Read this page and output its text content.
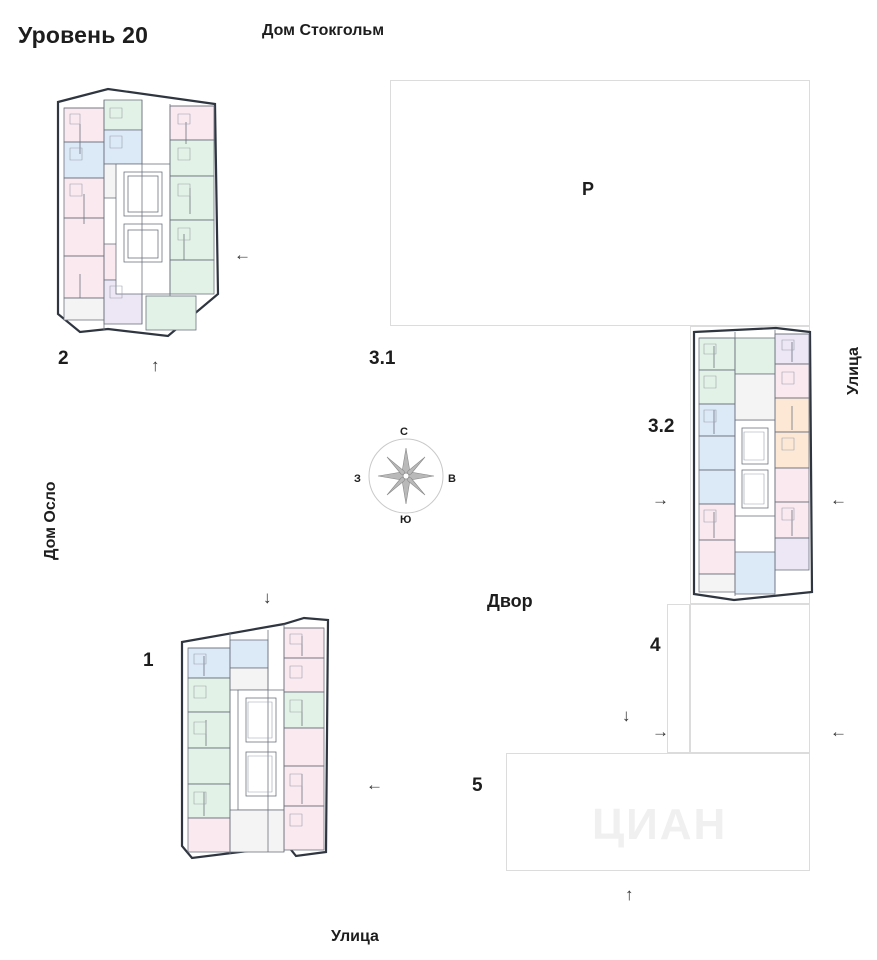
Уровень 20	Дом Стокгольм
Дом Осло
Улица
Улица
Двор
P
2
1
3.1
3.2
4
5
ЦИАН
С
Ю
В
З
←
↑
↓
←
→	←
↓
→	←
↑
